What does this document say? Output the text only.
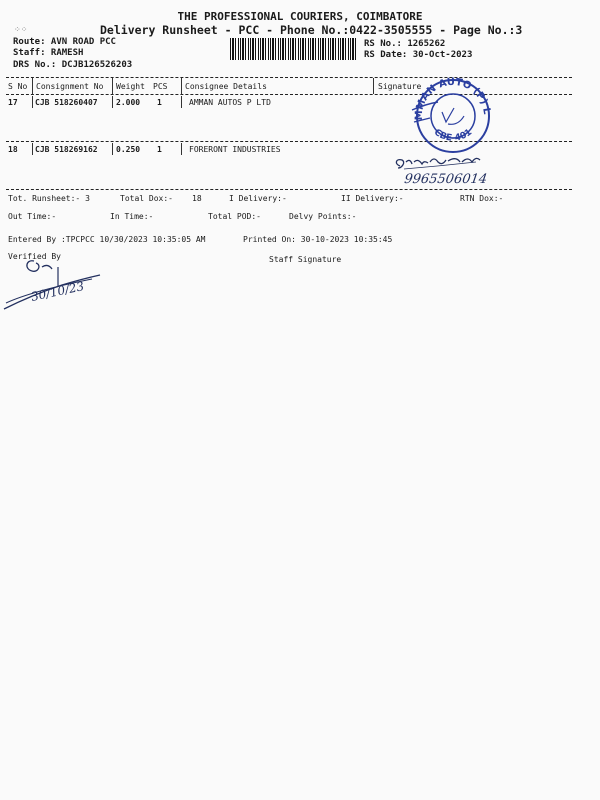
THE PROFESSIONAL COURIERS, COIMBATORE
Delivery Runsheet - PCC - Phone No.:0422-3505555 - Page No.:3
⁘⁘
Route: AVN ROAD PCC
Staff: RAMESH
DRS No.: DCJB126526203
RS No.: 1265262
RS Date: 30-Oct-2023
S No Consignment No Weight PCS Consignee Details	Signature
17 CJB 518260407 2.000 1	AMMAN AUTOS P LTD
18 CJB 518269162 0.250 1	FORERONT INDUSTRIES
AMMAN AUTO (P) LTD
CBE-401
9965506014
Tot. Runsheet:- 3	Total Dox:- 18	I Delivery:-	II Delivery:-	RTN Dox:-
Out Time:-	In Time:-	Total POD:-	Delvy Points:-
Entered By :TPCPCC 10/30/2023 10:35:05 AM	Printed On: 30-10-2023 10:35:45
Verified By	Staff Signature
30/10/23
